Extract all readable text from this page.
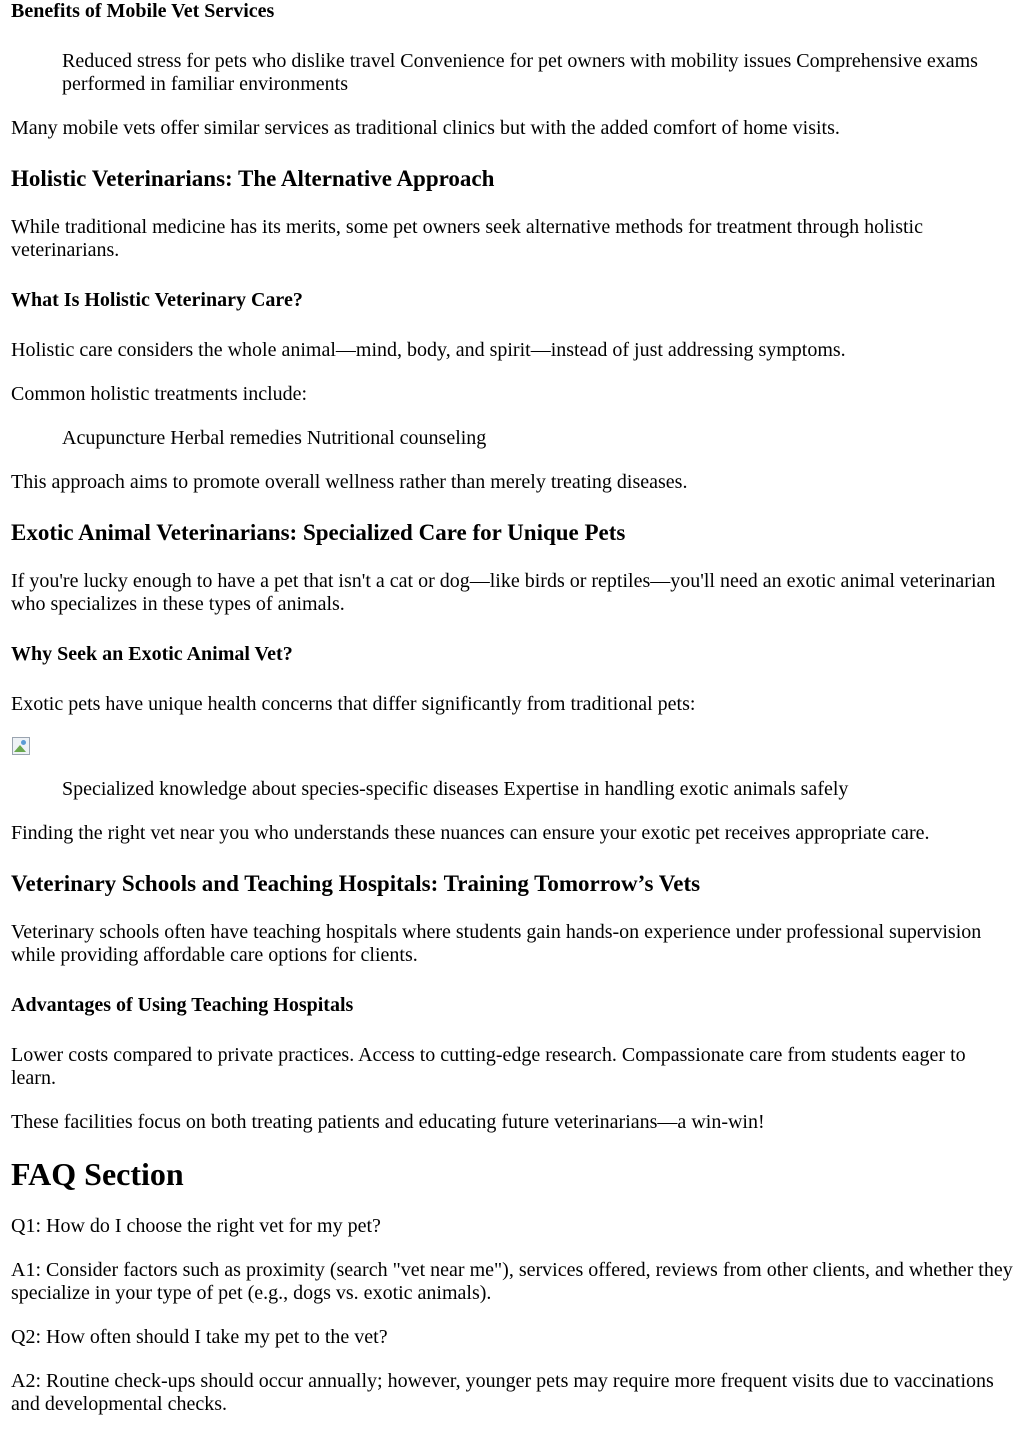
Benefits of Mobile Vet Services
Reduced stress for pets who dislike travel Convenience for pet owners with mobility issues Comprehensive exams performed in familiar environments

Many mobile vets offer similar services as traditional clinics but with the added comfort of home visits.

Holistic Veterinarians: The Alternative Approach

While traditional medicine has its merits, some pet owners seek alternative methods for treatment through holistic veterinarians.

What Is Holistic Veterinary Care?

Holistic care considers the whole animal—mind, body, and spirit—instead of just addressing symptoms.

Common holistic treatments include:

Acupuncture Herbal remedies Nutritional counseling

This approach aims to promote overall wellness rather than merely treating diseases.

Exotic Animal Veterinarians: Specialized Care for Unique Pets

If you're lucky enough to have a pet that isn't a cat or dog—like birds or reptiles—you'll need an exotic animal veterinarian who specializes in these types of animals.

Why Seek an Exotic Animal Vet?

Exotic pets have unique health concerns that differ significantly from traditional pets:

Specialized knowledge about species-specific diseases Expertise in handling exotic animals safely

Finding the right vet near you who understands these nuances can ensure your exotic pet receives appropriate care.

Veterinary Schools and Teaching Hospitals: Training Tomorrow’s Vets

Veterinary schools often have teaching hospitals where students gain hands-on experience under professional supervision while providing affordable care options for clients.

Advantages of Using Teaching Hospitals

Lower costs compared to private practices. Access to cutting-edge research. Compassionate care from students eager to learn.

These facilities focus on both treating patients and educating future veterinarians—a win-win!

FAQ Section

Q1: How do I choose the right vet for my pet?

A1: Consider factors such as proximity (search "vet near me"), services offered, reviews from other clients, and whether they specialize in your type of pet (e.g., dogs vs. exotic animals).

Q2: How often should I take my pet to the vet?

A2: Routine check-ups should occur annually; however, younger pets may require more frequent visits due to vaccinations and developmental checks.
